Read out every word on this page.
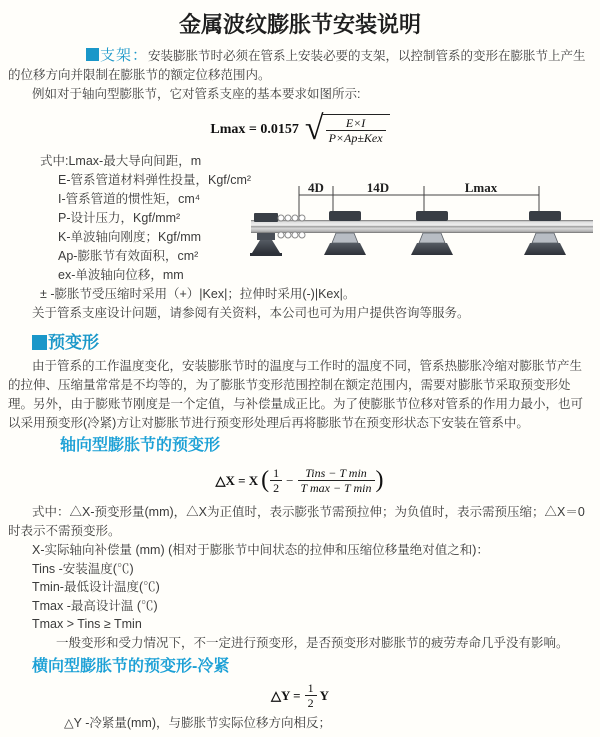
金属波纹膨胀节安装说明

支架：安装膨胀节时必须在管系上安装必要的支架，以控制管系的变形在膨胀节上产生的位移方向并限制在膨胀节的额定位移范围内。

例如对于轴向型膨胀节，它对管系支座的基本要求如图所示:

Lmax = 0.0157 √ $\frac{E\times I}{\text{P×Ap±Kex}}$
式中:Lmax-最大导向间距，m
E-管系管道材料弹性投量，Kgf/cm²
I-管系管道的惯性矩，cm⁴
P-设计压力，Kgf/mm²
K-单波轴向刚度；Kgf/mm
Ap-膨胀节有效面积，cm²
ex-单波轴向位移，mm
4D	14D	Lmax

± -膨胀节受压缩时采用（+）|Kex|；拉伸时采用(-)|Kex|。

关于管系支座设计问题，请参阅有关资料，本公司也可为用户提供咨询等服务。

预变形

由于管系的工作温度变化，安装膨胀节时的温度与工作时的温度不同，管系热膨胀冷缩对膨胀节产生的拉伸、压缩量常常是不均等的，为了膨胀节变形范围控制在额定范围内，需要对膨胀节采取预变形处理。另外，由于膨账节刚度是一个定值，与补偿量成正比。为了使膨胀节位移对管系的作用力最小，也可以采用预变形(冷紧)方让对膨胀节进行预变形处理后再将膨胀节在预变形状态下安装在管系中。

轴向型膨胀节的预变形
△X = X ( $\frac{1}{2} - \frac{\text{Tins − T min}}{\text{T max − T min}}$ )

式中：△X-预变形量(mm)，△X为正值时，表示膨张节需预拉伸；为负值时，表示需预压缩；△X＝0时表示不需预变形。

X-实际轴向补偿量 (mm) (相对于膨胀节中间状态的拉伸和压缩位移量绝对值之和)：
Tins -安装温度(℃)
Tmin-最低设计温度(℃)
Tmax -最高设计温 (℃)
Tmax > Tins ≥ Tmin
一般变形和受力情况下，不一定进行预变形，是否预变形对膨胀节的疲劳寿命几乎没有影响。
横向型膨胀节的预变形-冷紧
△Y = $\frac{1}{2}$ Y

△Y -冷紧量(mm)，与膨胀节实际位移方向相反；
